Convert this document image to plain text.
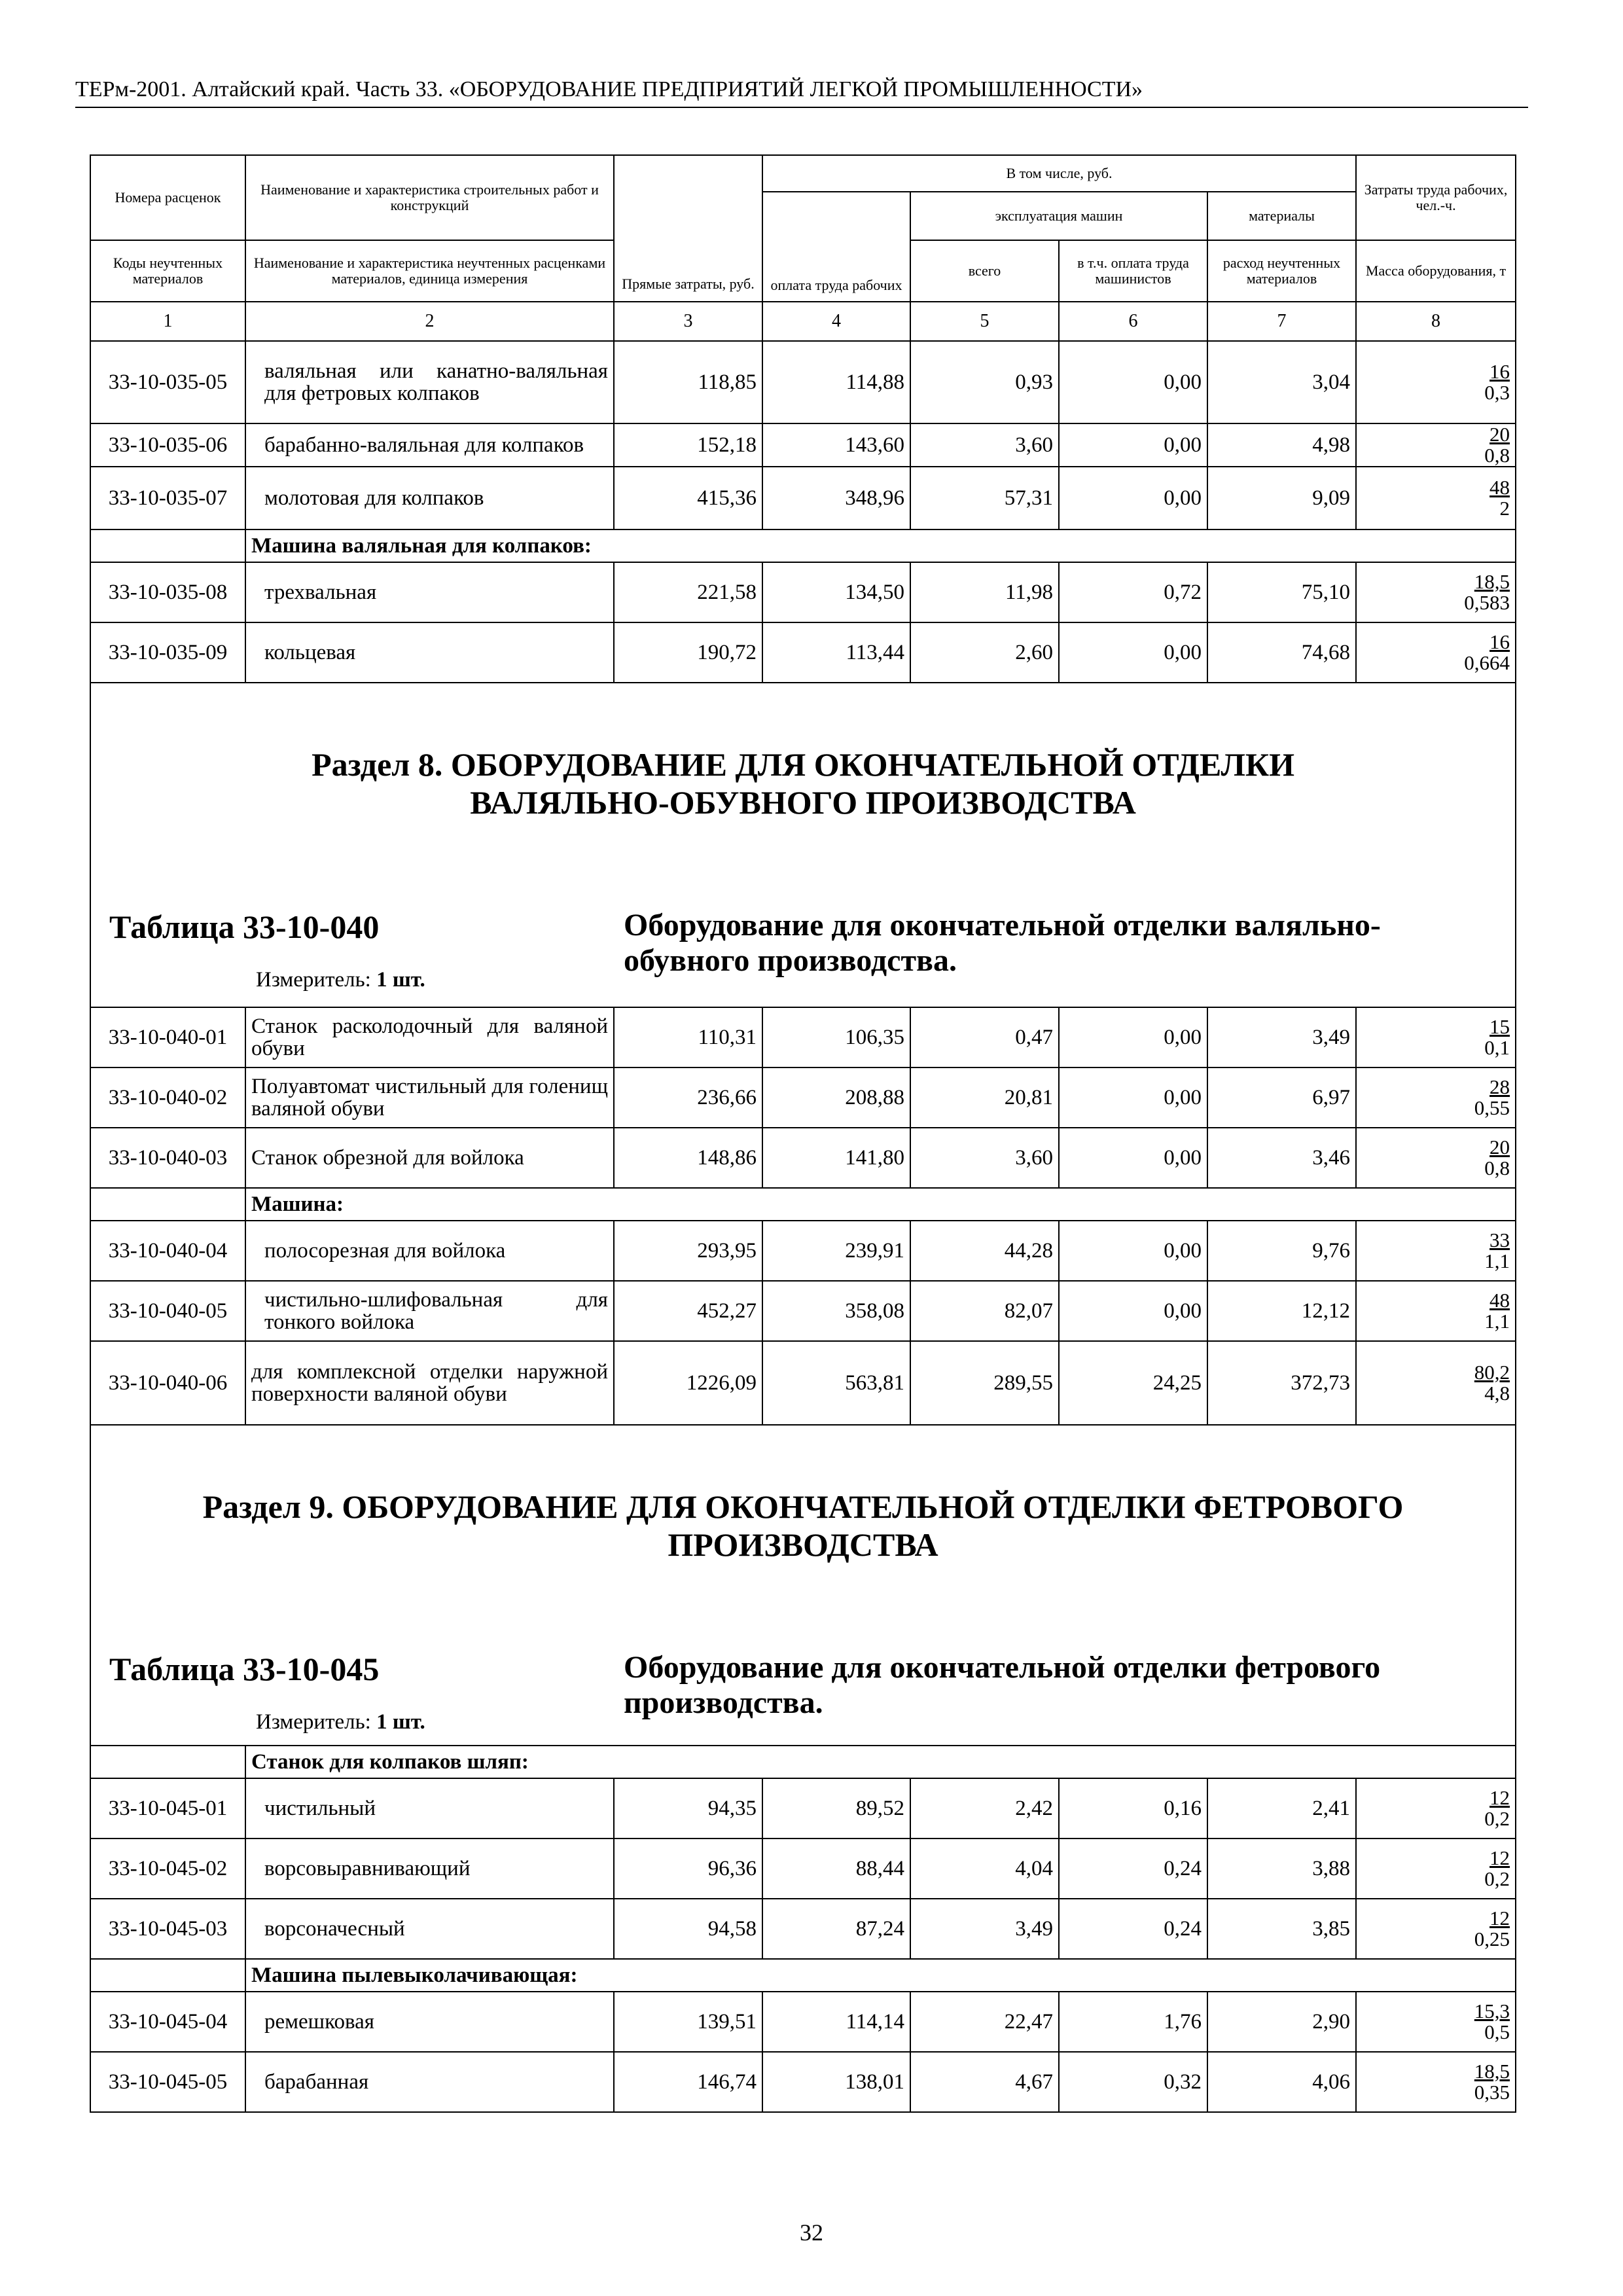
ТЕРм-2001. Алтайский край. Часть 33. «ОБОРУДОВАНИЕ ПРЕДПРИЯТИЙ ЛЕГКОЙ ПРОМЫШЛЕННОСТИ»
Номера расценок	Наименование и характеристика строительных работ и конструкций	Прямые затраты, руб.	В том числе, руб.				Затраты труда рабочих, чел.-ч.
			оплата труда рабочих	эксплуатация машин		материалы	
				всего	в т.ч. оплата труда машинистов	расход неучтенных материалов	
Коды неучтенных материалов	Наименование и характеристика неучтенных расценками материалов, единица измерения						Масса оборудования, т

1	2	3	4	5	6	7	8
33-10-035-05	валяльная или канатно-валяльная для фетровых колпаков	118,85	114,88	0,93	0,00	3,04	16
0,3

33-10-035-06	барабанно-валяльная для колпаков	152,18	143,60	3,60	0,00	4,98	20
0,8

33-10-035-07	молотовая для колпаков	415,36	348,96	57,31	0,00	9,09	48
2

	Машина валяльная для колпаков:						
33-10-035-08	трехвальная	221,58	134,50	11,98	0,72	75,10	18,5
0,583

33-10-035-09	кольцевая	190,72	113,44	2,60	0,00	74,68	16
0,664

Раздел 8. ОБОРУДОВАНИЕ ДЛЯ ОКОНЧАТЕЛЬНОЙ ОТДЕЛКИ
ВАЛЯЛЬНО-ОБУВНОГО ПРОИЗВОДСТВА
Таблица 33-10-040 Оборудование для окончательной отделки валяльно-обувного производства.
Измеритель: 1 шт.							

33-10-040-01	Станок расколодочный для валяной обуви	110,31	106,35	0,47	0,00	3,49	15
0,1

33-10-040-02	Полуавтомат чистильный для голенищ валяной обуви	236,66	208,88	20,81	0,00	6,97	28
0,55

33-10-040-03	Станок обрезной для войлока	148,86	141,80	3,60	0,00	3,46	20
0,8

	Машина:						
33-10-040-04	полосорезная для войлока	293,95	239,91	44,28	0,00	9,76	33
1,1

33-10-040-05	чистильно-шлифовальная для тонкого войлока	452,27	358,08	82,07	0,00	12,12	48
1,1

33-10-040-06	для комплексной отделки наружной поверхности валяной обуви	1226,09	563,81	289,55	24,25	372,73	80,2
4,8

Раздел 9. ОБОРУДОВАНИЕ ДЛЯ ОКОНЧАТЕЛЬНОЙ ОТДЕЛКИ ФЕТРОВОГО
ПРОИЗВОДСТВА
Таблица 33-10-045 Оборудование для окончательной отделки фетрового производства.
Измеритель: 1 шт.							

	Станок для колпаков шляп:						
33-10-045-01	чистильный	94,35	89,52	2,42	0,16	2,41	12
0,2

33-10-045-02	ворсовыравнивающий	96,36	88,44	4,04	0,24	3,88	12
0,2

33-10-045-03	ворсоначесный	94,58	87,24	3,49	0,24	3,85	12
0,25

	Машина пылевыколачивающая:						
33-10-045-04	ремешковая	139,51	114,14	22,47	1,76	2,90	15,3
0,5

33-10-045-05	барабанная	146,74	138,01	4,67	0,32	4,06	18,5
0,35
32
